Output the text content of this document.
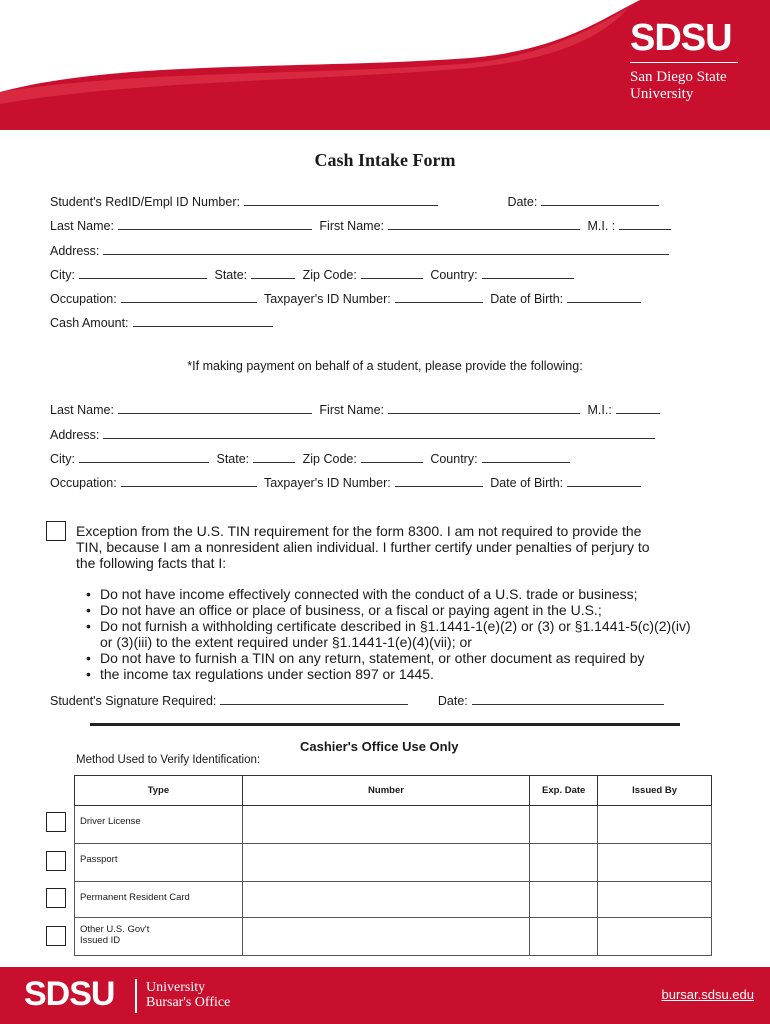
SDSU
San Diego State
University
Cash Intake Form
Student's RedID/Empl ID Number:	Date:
Last Name:	First Name:	M.I. :
Address:
City:	State:	Zip Code:	Country:
Occupation:	Taxpayer's ID Number:	Date of Birth:
Cash Amount:
*If making payment on behalf of a student, please provide the following:
Last Name:	First Name:	M.I.:
Address:
City:	State:	Zip Code:	Country:
Occupation:	Taxpayer's ID Number:	Date of Birth:
Exception from the U.S. TIN requirement for the form 8300. I am not required to provide the
TIN, because I am a nonresident alien individual. I further certify under penalties of perjury to
the following facts that I:
• Do not have income effectively connected with the conduct of a U.S. trade or business;
• Do not have an office or place of business, or a fiscal or paying agent in the U.S.;
• Do not furnish a withholding certificate described in §1.1441-1(e)(2) or (3) or §1.1441-5(c)(2)(iv)
or (3)(iii) to the extent required under §1.1441-1(e)(4)(vii); or
• Do not have to furnish a TIN on any return, statement, or other document as required by
• the income tax regulations under section 897 or 1445.
Student's Signature Required:	Date:
Cashier's Office Use Only
Method Used to Verify Identification:
Type	Number	Exp. Date	Issued By
Driver License			
Passport			
Permanent Resident Card			

Other U.S. Gov't
Issued ID			

SDSU University
Bursar's Office
bursar.sdsu.edu
